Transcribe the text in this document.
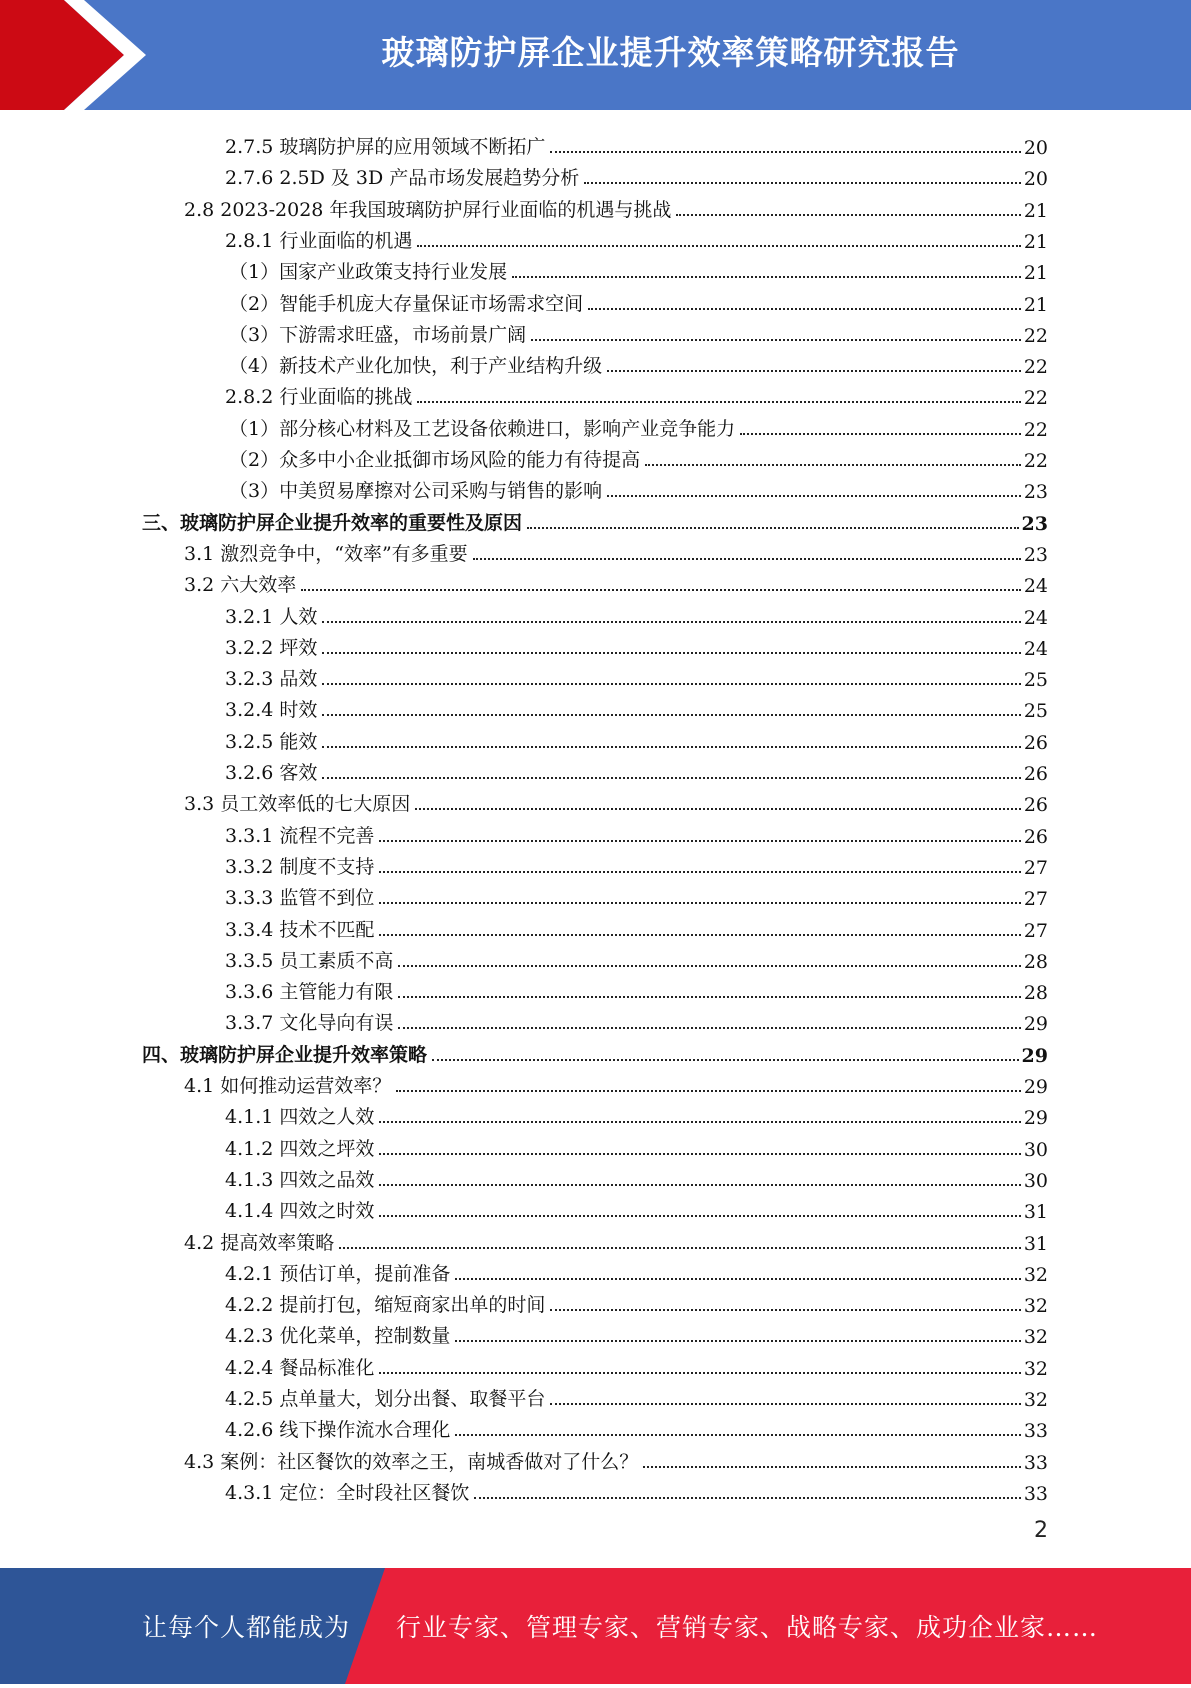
玻璃防护屏企业提升效率策略研究报告
2.7.5 玻璃防护屏的应用领域不断拓广	20
2.7.6 2.5D 及 3D 产品市场发展趋势分析	20
2.8 2023-2028 年我国玻璃防护屏行业面临的机遇与挑战	21
2.8.1 行业面临的机遇	21
（1）国家产业政策支持行业发展	21
（2）智能手机庞大存量保证市场需求空间	21
（3）下游需求旺盛，市场前景广阔	22
（4）新技术产业化加快，利于产业结构升级	22
2.8.2 行业面临的挑战	22
（1）部分核心材料及工艺设备依赖进口，影响产业竞争能力	22
（2）众多中小企业抵御市场风险的能力有待提高	22
（3）中美贸易摩擦对公司采购与销售的影响	23
三、玻璃防护屏企业提升效率的重要性及原因	23
3.1 激烈竞争中，“效率”有多重要	23
3.2 六大效率	24
3.2.1 人效	24
3.2.2 坪效	24
3.2.3 品效	25
3.2.4 时效	25
3.2.5 能效	26
3.2.6 客效	26
3.3 员工效率低的七大原因	26
3.3.1 流程不完善	26
3.3.2 制度不支持	27
3.3.3 监管不到位	27
3.3.4 技术不匹配	27
3.3.5 员工素质不高	28
3.3.6 主管能力有限	28
3.3.7 文化导向有误	29
四、玻璃防护屏企业提升效率策略	29
4.1 如何推动运营效率？	29
4.1.1 四效之人效	29
4.1.2 四效之坪效	30
4.1.3 四效之品效	30
4.1.4 四效之时效	31
4.2 提高效率策略	31
4.2.1 预估订单，提前准备	32
4.2.2 提前打包，缩短商家出单的时间	32
4.2.3 优化菜单，控制数量	32
4.2.4 餐品标准化	32
4.2.5 点单量大，划分出餐、取餐平台	32
4.2.6 线下操作流水合理化	33
4.3 案例：社区餐饮的效率之王，南城香做对了什么？	33
4.3.1 定位：全时段社区餐饮	33
2
让每个人都能成为 行业专家、管理专家、营销专家、战略专家、成功企业家……
